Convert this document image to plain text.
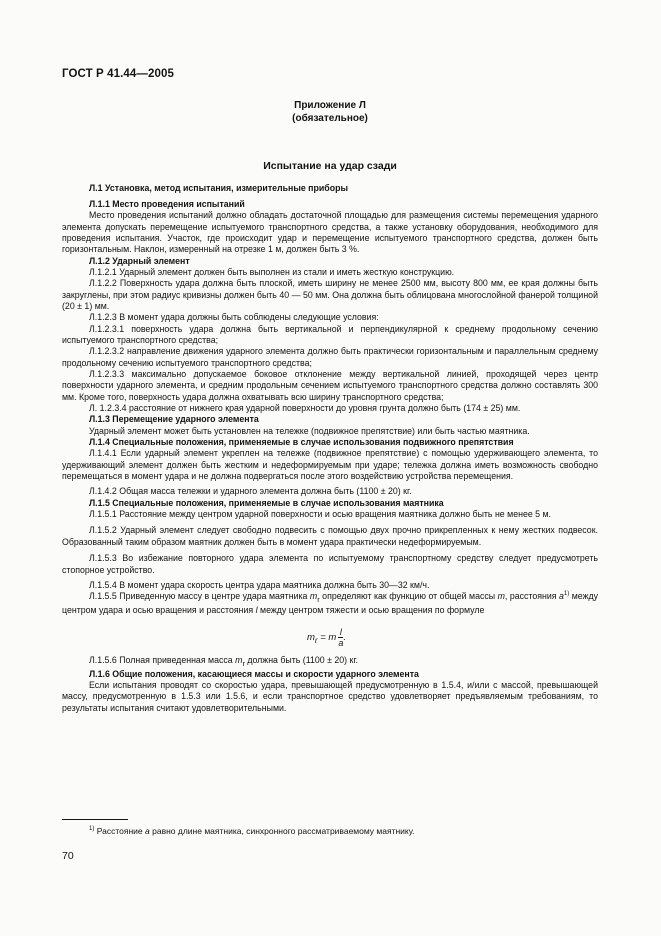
ГОСТ Р 41.44—2005
Приложение Л
(обязательное)
Испытание на удар сзади

Л.1 Установка, метод испытания, измерительные приборы

Л.1.1 Место проведения испытаний

Место проведения испытаний должно обладать достаточной площадью для размещения системы перемещения ударного элемента допускать перемещение испытуемого транспортного средства, а также установку оборудования, необходимого для проведения испытания. Участок, где происходит удар и перемещение испытуемого транспортного средства, должен быть горизонтальным. Наклон, измеренный на отрезке 1 м, должен быть 3 %.

Л.1.2 Ударный элемент

Л.1.2.1 Ударный элемент должен быть выполнен из стали и иметь жесткую конструкцию.

Л.1.2.2 Поверхность удара должна быть плоской, иметь ширину не менее 2500 мм, высоту 800 мм, ее края должны быть закруглены, при этом радиус кривизны должен быть 40 — 50 мм. Она должна быть облицована многослойной фанерой толщиной (20 ± 1) мм.

Л.1.2.3 В момент удара должны быть соблюдены следующие условия:

Л.1.2.3.1 поверхность удара должна быть вертикальной и перпендикулярной к среднему продольному сечению испытуемого транспортного средства;

Л.1.2.3.2 направление движения ударного элемента должно быть практически горизонтальным и параллельным среднему продольному сечению испытуемого транспортного средства;

Л.1.2.3.3 максимально допускаемое боковое отклонение между вертикальной линией, проходящей через центр поверхности ударного элемента, и средним продольным сечением испытуемого транспортного средства должно составлять 300 мм. Кроме того, поверхность удара должна охватывать всю ширину транспортного средства;

Л. 1.2.3.4 расстояние от нижнего края ударной поверхности до уровня грунта должно быть (174 ± 25) мм.

Л.1.3 Перемещение ударного элемента

Ударный элемент может быть установлен на тележке (подвижное препятствие) или быть частью маятника.

Л.1.4 Специальные положения, применяемые в случае использования подвижного препятствия

Л.1.4.1 Если ударный элемент укреплен на тележке (подвижное препятствие) с помощью удерживающего элемента, то удерживающий элемент должен быть жестким и недеформируемым при ударе; тележка должна иметь возможность свободно перемещаться в момент удара и не должна подвергаться после этого воздействию устройства перемещения.

Л.1.4.2 Общая масса тележки и ударного элемента должна быть (1100 ± 20) кг.

Л.1.5 Специальные положения, применяемые в случае использования маятника

Л.1.5.1 Расстояние между центром ударной поверхности и осью вращения маятника должно быть не менее 5 м.

Л.1.5.2 Ударный элемент следует свободно подвесить с помощью двух прочно прикрепленных к нему жестких подвесок. Образованный таким образом маятник должен быть в момент удара практически недеформируемым.

Л.1.5.3 Во избежание повторного удара элемента по испытуемому транспортному средству следует предусмотреть стопорное устройство.

Л.1.5.4 В момент удара скорость центра удара маятника должна быть 30—32 км/ч.

Л.1.5.5 Приведенную массу в центре удара маятника $m_r$ определяют как функцию от общей массы m, расстояния $a^{1)}$ между центром удара и осью вращения и расстояния l между центром тяжести и осью вращения по формуле

$m_r = m \frac{l}{a}$ .

Л.1.5.6 Полная приведенная масса $m_r$ должна быть (1100 ± 20) кг.

Л.1.6 Общие положения, касающиеся массы и скорости ударного элемента

Если испытания проводят со скоростью удара, превышающей предусмотренную в 1.5.4, и/или с массой, превышающей массу, предусмотренную в 1.5.3 или 1.5.6, и если транспортное средство удовлетворяет предъявляемым требованиям, то результаты испытания считают удовлетворительными.

$^{1)}$ Расстояние a равно длине маятника, синхронного рассматриваемому маятнику.
70
